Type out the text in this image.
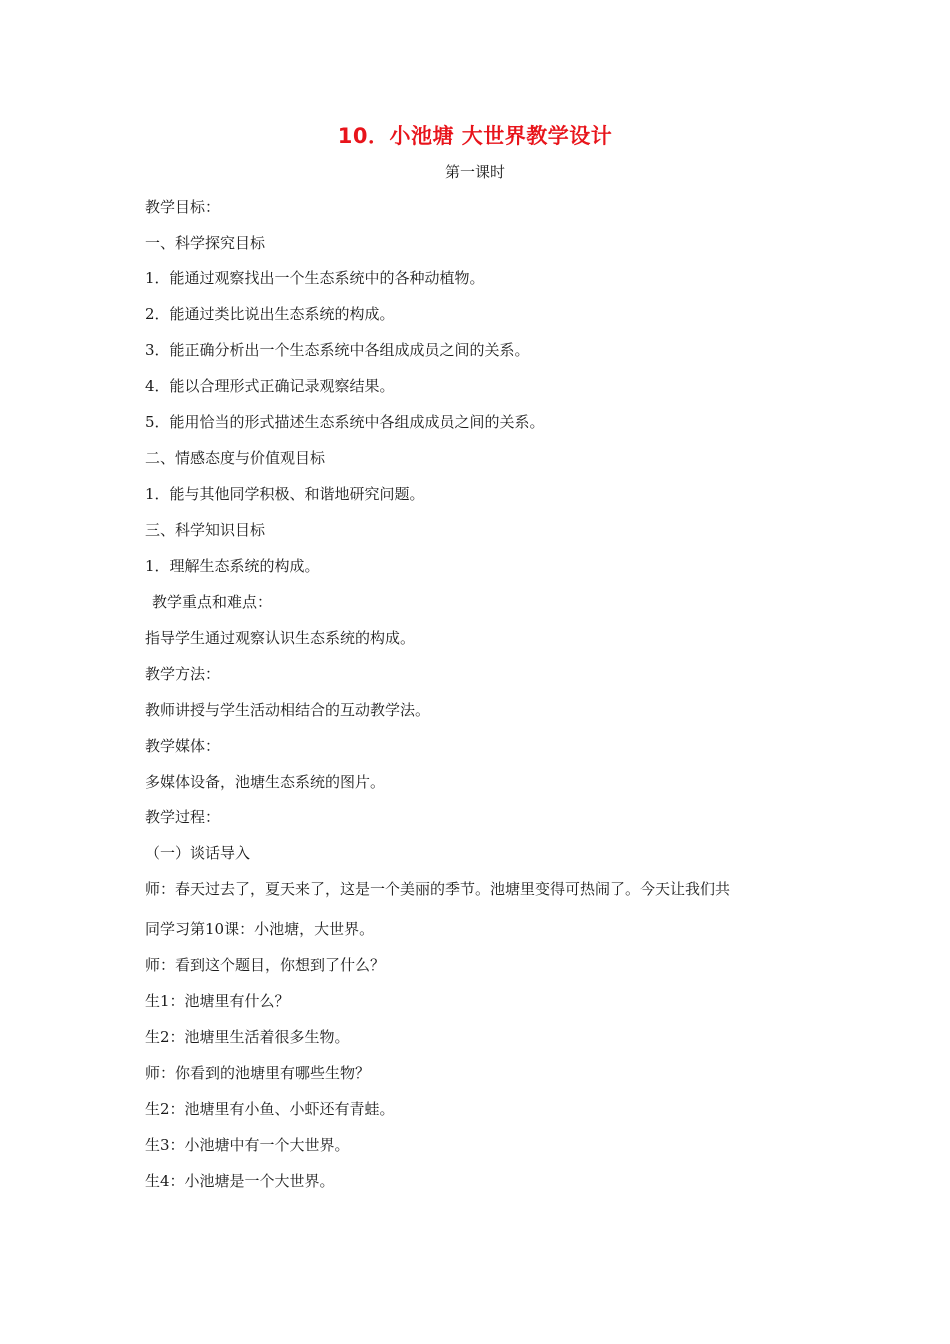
10．小池塘 大世界教学设计
第一课时
教学目标：
一、科学探究目标
1．能通过观察找出一个生态系统中的各种动植物。
2．能通过类比说出生态系统的构成。
3．能正确分析出一个生态系统中各组成成员之间的关系。
4．能以合理形式正确记录观察结果。
5．能用恰当的形式描述生态系统中各组成成员之间的关系。
二、情感态度与价值观目标
1．能与其他同学积极、和谐地研究问题。
三、科学知识目标
1．理解生态系统的构成。
教学重点和难点：
指导学生通过观察认识生态系统的构成。
教学方法：
教师讲授与学生活动相结合的互动教学法。
教学媒体：
多媒体设备，池塘生态系统的图片。
教学过程：
（一）谈话导入
师：春天过去了，夏天来了，这是一个美丽的季节。池塘里变得可热闹了。今天让我们共
同学习第10课：小池塘，大世界。
师：看到这个题目，你想到了什么？
生1：池塘里有什么？
生2：池塘里生活着很多生物。
师：你看到的池塘里有哪些生物？
生2：池塘里有小鱼、小虾还有青蛙。
生3：小池塘中有一个大世界。
生4：小池塘是一个大世界。
